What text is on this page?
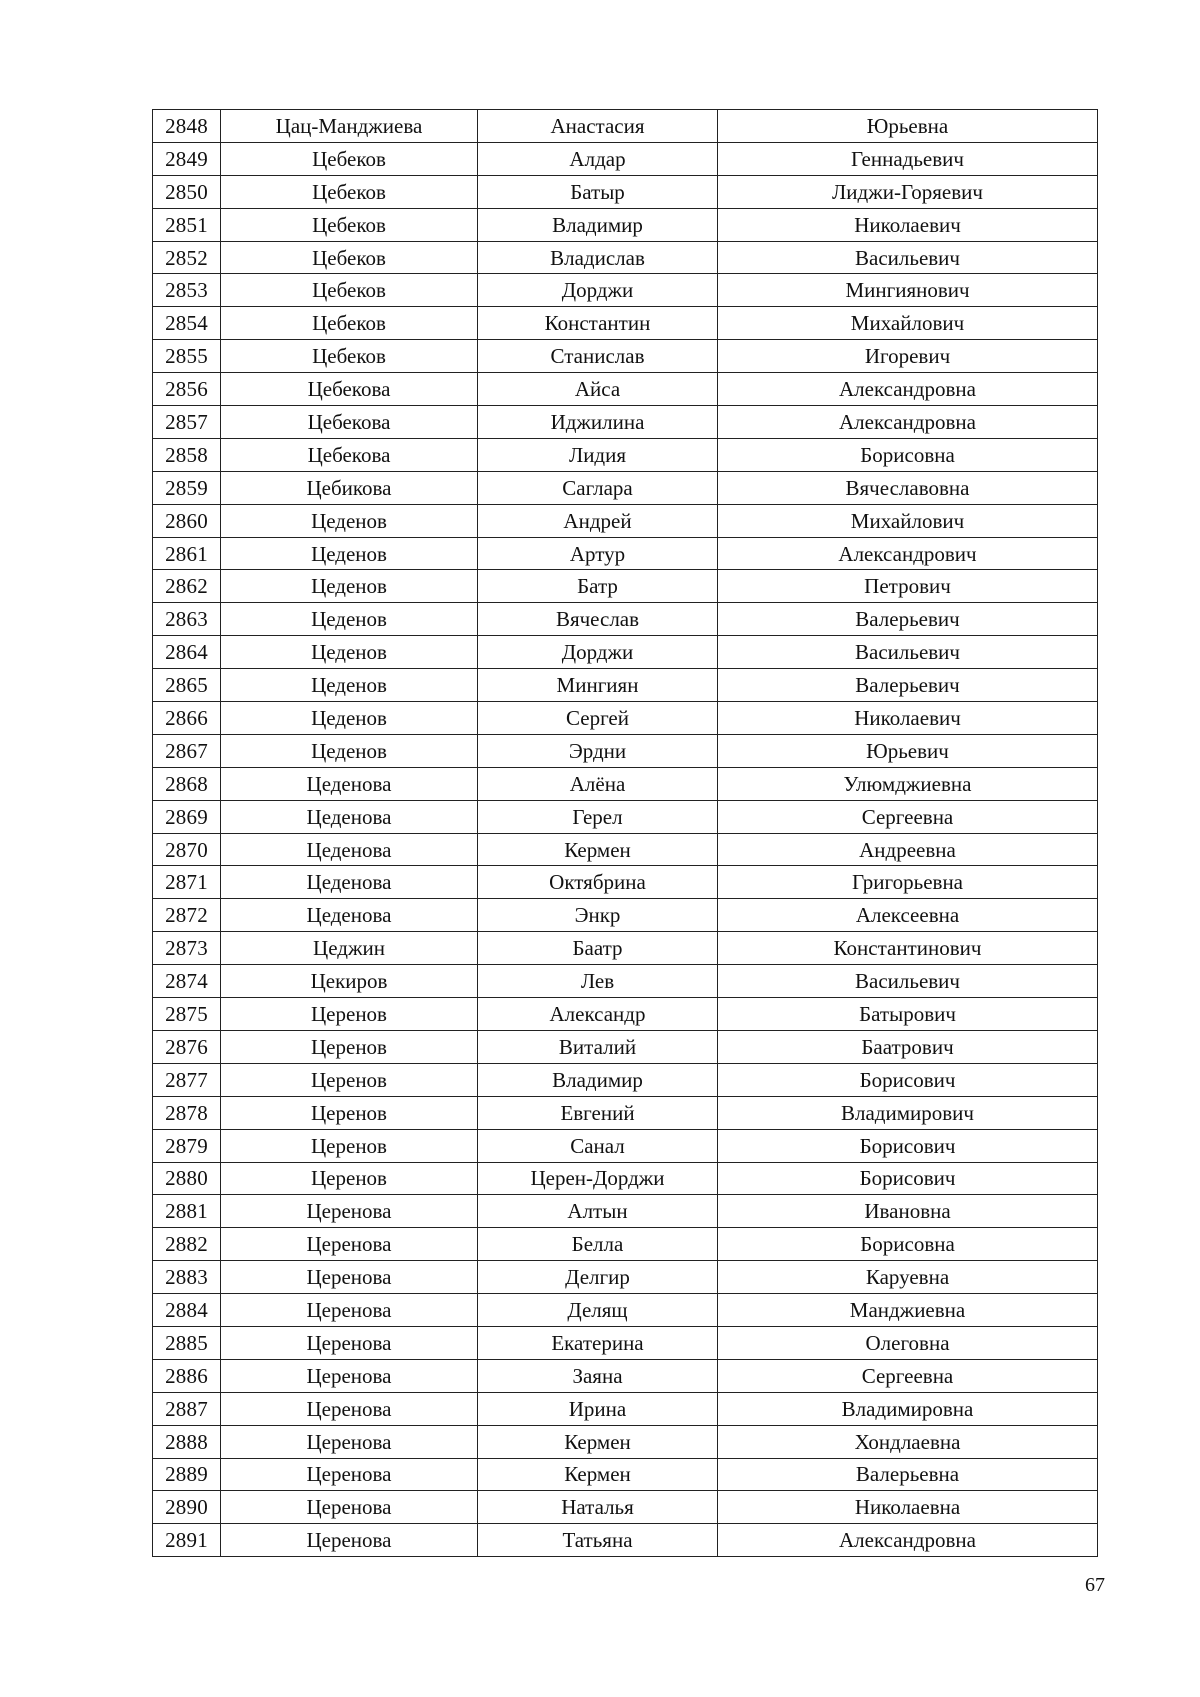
2848	Цац-Манджиева	Анастасия	Юрьевна
2849	Цебеков	Алдар	Геннадьевич
2850	Цебеков	Батыр	Лиджи-Горяевич
2851	Цебеков	Владимир	Николаевич
2852	Цебеков	Владислав	Васильевич
2853	Цебеков	Дорджи	Мингиянович
2854	Цебеков	Константин	Михайлович
2855	Цебеков	Станислав	Игоревич
2856	Цебекова	Айса	Александровна
2857	Цебекова	Иджилина	Александровна
2858	Цебекова	Лидия	Борисовна
2859	Цебикова	Саглара	Вячеславовна
2860	Цеденов	Андрей	Михайлович
2861	Цеденов	Артур	Александрович
2862	Цеденов	Батр	Петрович
2863	Цеденов	Вячеслав	Валерьевич
2864	Цеденов	Дорджи	Васильевич
2865	Цеденов	Мингиян	Валерьевич
2866	Цеденов	Сергей	Николаевич
2867	Цеденов	Эрдни	Юрьевич
2868	Цеденова	Алёна	Улюмджиевна
2869	Цеденова	Герел	Сергеевна
2870	Цеденова	Кермен	Андреевна
2871	Цеденова	Октябрина	Григорьевна
2872	Цеденова	Энкр	Алексеевна
2873	Цеджин	Баатр	Константинович
2874	Цекиров	Лев	Васильевич
2875	Церенов	Александр	Батырович
2876	Церенов	Виталий	Баатрович
2877	Церенов	Владимир	Борисович
2878	Церенов	Евгений	Владимирович
2879	Церенов	Санал	Борисович
2880	Церенов	Церен-Дорджи	Борисович
2881	Церенова	Алтын	Ивановна
2882	Церенова	Белла	Борисовна
2883	Церенова	Делгир	Каруевна
2884	Церенова	Делящ	Манджиевна
2885	Церенова	Екатерина	Олеговна
2886	Церенова	Заяна	Сергеевна
2887	Церенова	Ирина	Владимировна
2888	Церенова	Кермен	Хондлаевна
2889	Церенова	Кермен	Валерьевна
2890	Церенова	Наталья	Николаевна
2891	Церенова	Татьяна	Александровна
67
